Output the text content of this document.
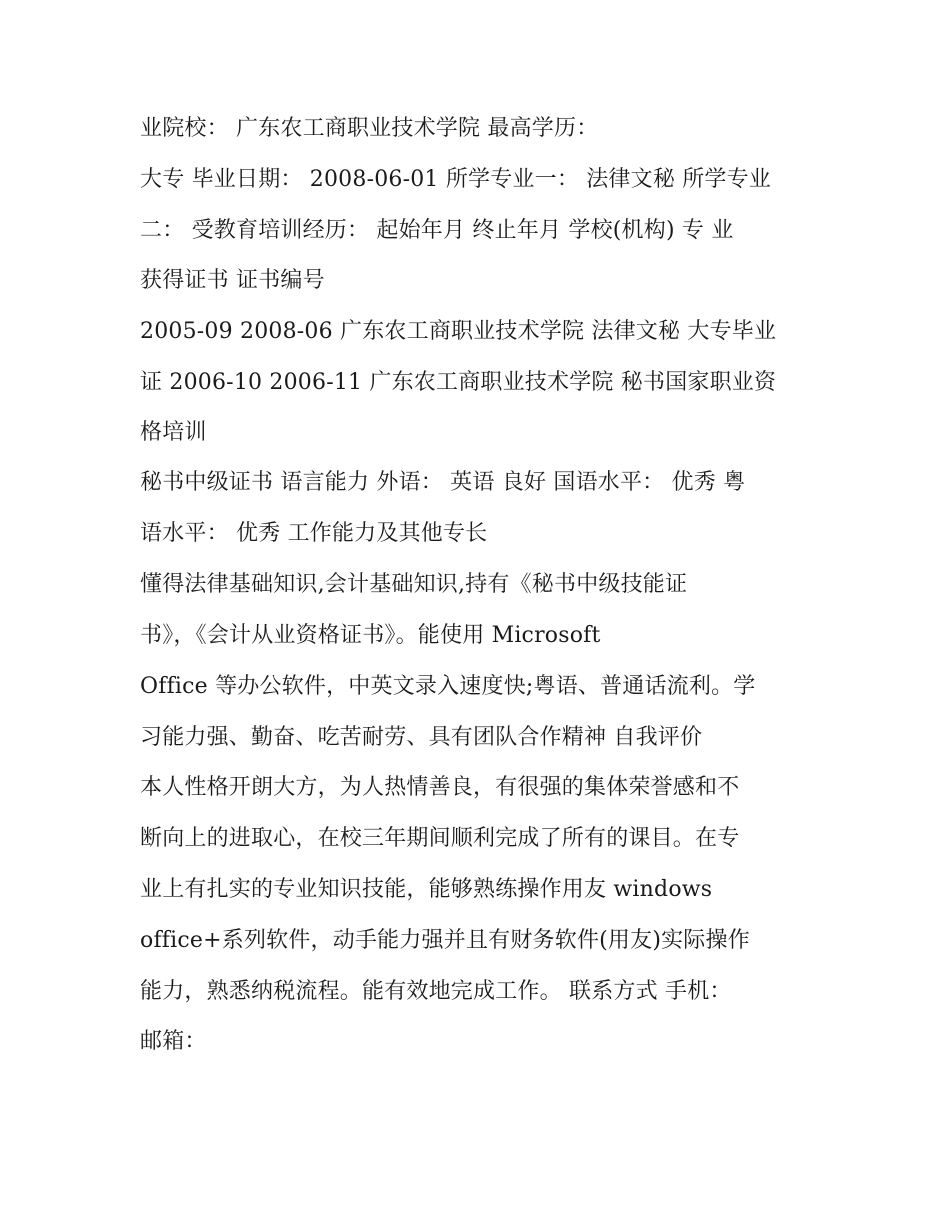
业院校： 广东农工商职业技术学院 最高学历：
大专 毕业日期： 2008-06-01 所学专业一： 法律文秘 所学专业
二： 受教育培训经历： 起始年月 终止年月 学校(机构) 专 业
获得证书 证书编号
2005-09 2008-06 广东农工商职业技术学院 法律文秘 大专毕业
证 2006-10 2006-11 广东农工商职业技术学院 秘书国家职业资
格培训
秘书中级证书 语言能力 外语： 英语 良好 国语水平： 优秀 粤
语水平： 优秀 工作能力及其他专长
懂得法律基础知识,会计基础知识,持有《秘书中级技能证
书》，《会计从业资格证书》。能使用 Microsoft
Office 等办公软件，中英文录入速度快;粤语、普通话流利。学
习能力强、勤奋、吃苦耐劳、具有团队合作精神 自我评价
本人性格开朗大方，为人热情善良，有很强的集体荣誉感和不
断向上的进取心，在校三年期间顺利完成了所有的课目。在专
业上有扎实的专业知识技能，能够熟练操作用友 windows
office+系列软件，动手能力强并且有财务软件(用友)实际操作
能力，熟悉纳税流程。能有效地完成工作。 联系方式 手机：
邮箱：
